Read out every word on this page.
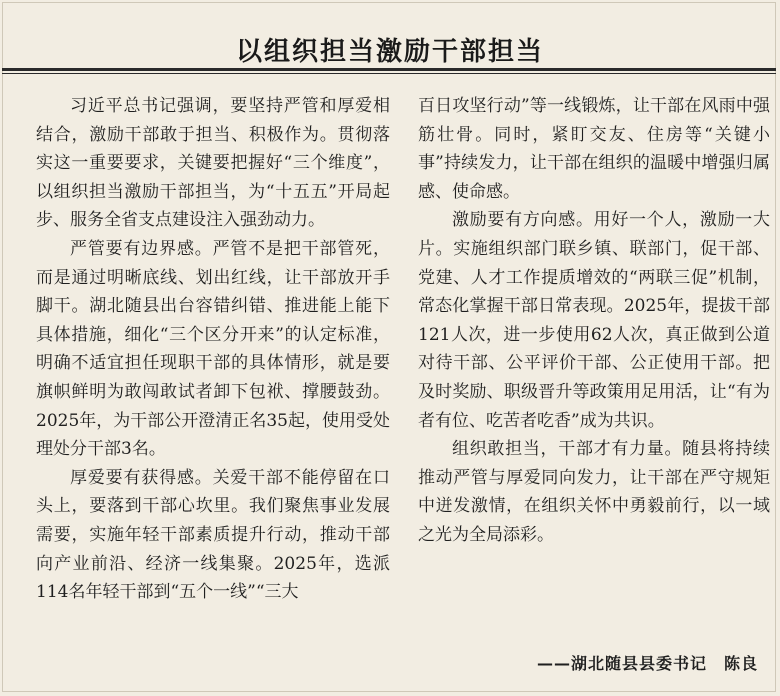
以组织担当激励干部担当

习近平总书记强调，要坚持严管和厚爱相结合，激励干部敢于担当、积极作为。贯彻落实这一重要要求，关键要把握好“三个维度”，以组织担当激励干部担当，为“十五五”开局起步、服务全省支点建设注入强劲动力。

严管要有边界感。严管不是把干部管死，而是通过明晰底线、划出红线，让干部放开手脚干。湖北随县出台容错纠错、推进能上能下具体措施，细化“三个区分开来”的认定标准，明确不适宜担任现职干部的具体情形，就是要旗帜鲜明为敢闯敢试者卸下包袱、撑腰鼓劲。2025年，为干部公开澄清正名35起，使用受处理处分干部3名。

厚爱要有获得感。关爱干部不能停留在口头上，要落到干部心坎里。我们聚焦事业发展需要，实施年轻干部素质提升行动，推动干部向产业前沿、经济一线集聚。2025年，选派114名年轻干部到“五个一线”“三大

百日攻坚行动”等一线锻炼，让干部在风雨中强筋壮骨。同时，紧盯交友、住房等“关键小事”持续发力，让干部在组织的温暖中增强归属感、使命感。

激励要有方向感。用好一个人，激励一大片。实施组织部门联乡镇、联部门，促干部、党建、人才工作提质增效的“两联三促”机制，常态化掌握干部日常表现。2025年，提拔干部121人次，进一步使用62人次，真正做到公道对待干部、公平评价干部、公正使用干部。把及时奖励、职级晋升等政策用足用活，让“有为者有位、吃苦者吃香”成为共识。

组织敢担当，干部才有力量。随县将持续推动严管与厚爱同向发力，让干部在严守规矩中迸发激情，在组织关怀中勇毅前行，以一域之光为全局添彩。

——湖北随县县委书记　陈良
